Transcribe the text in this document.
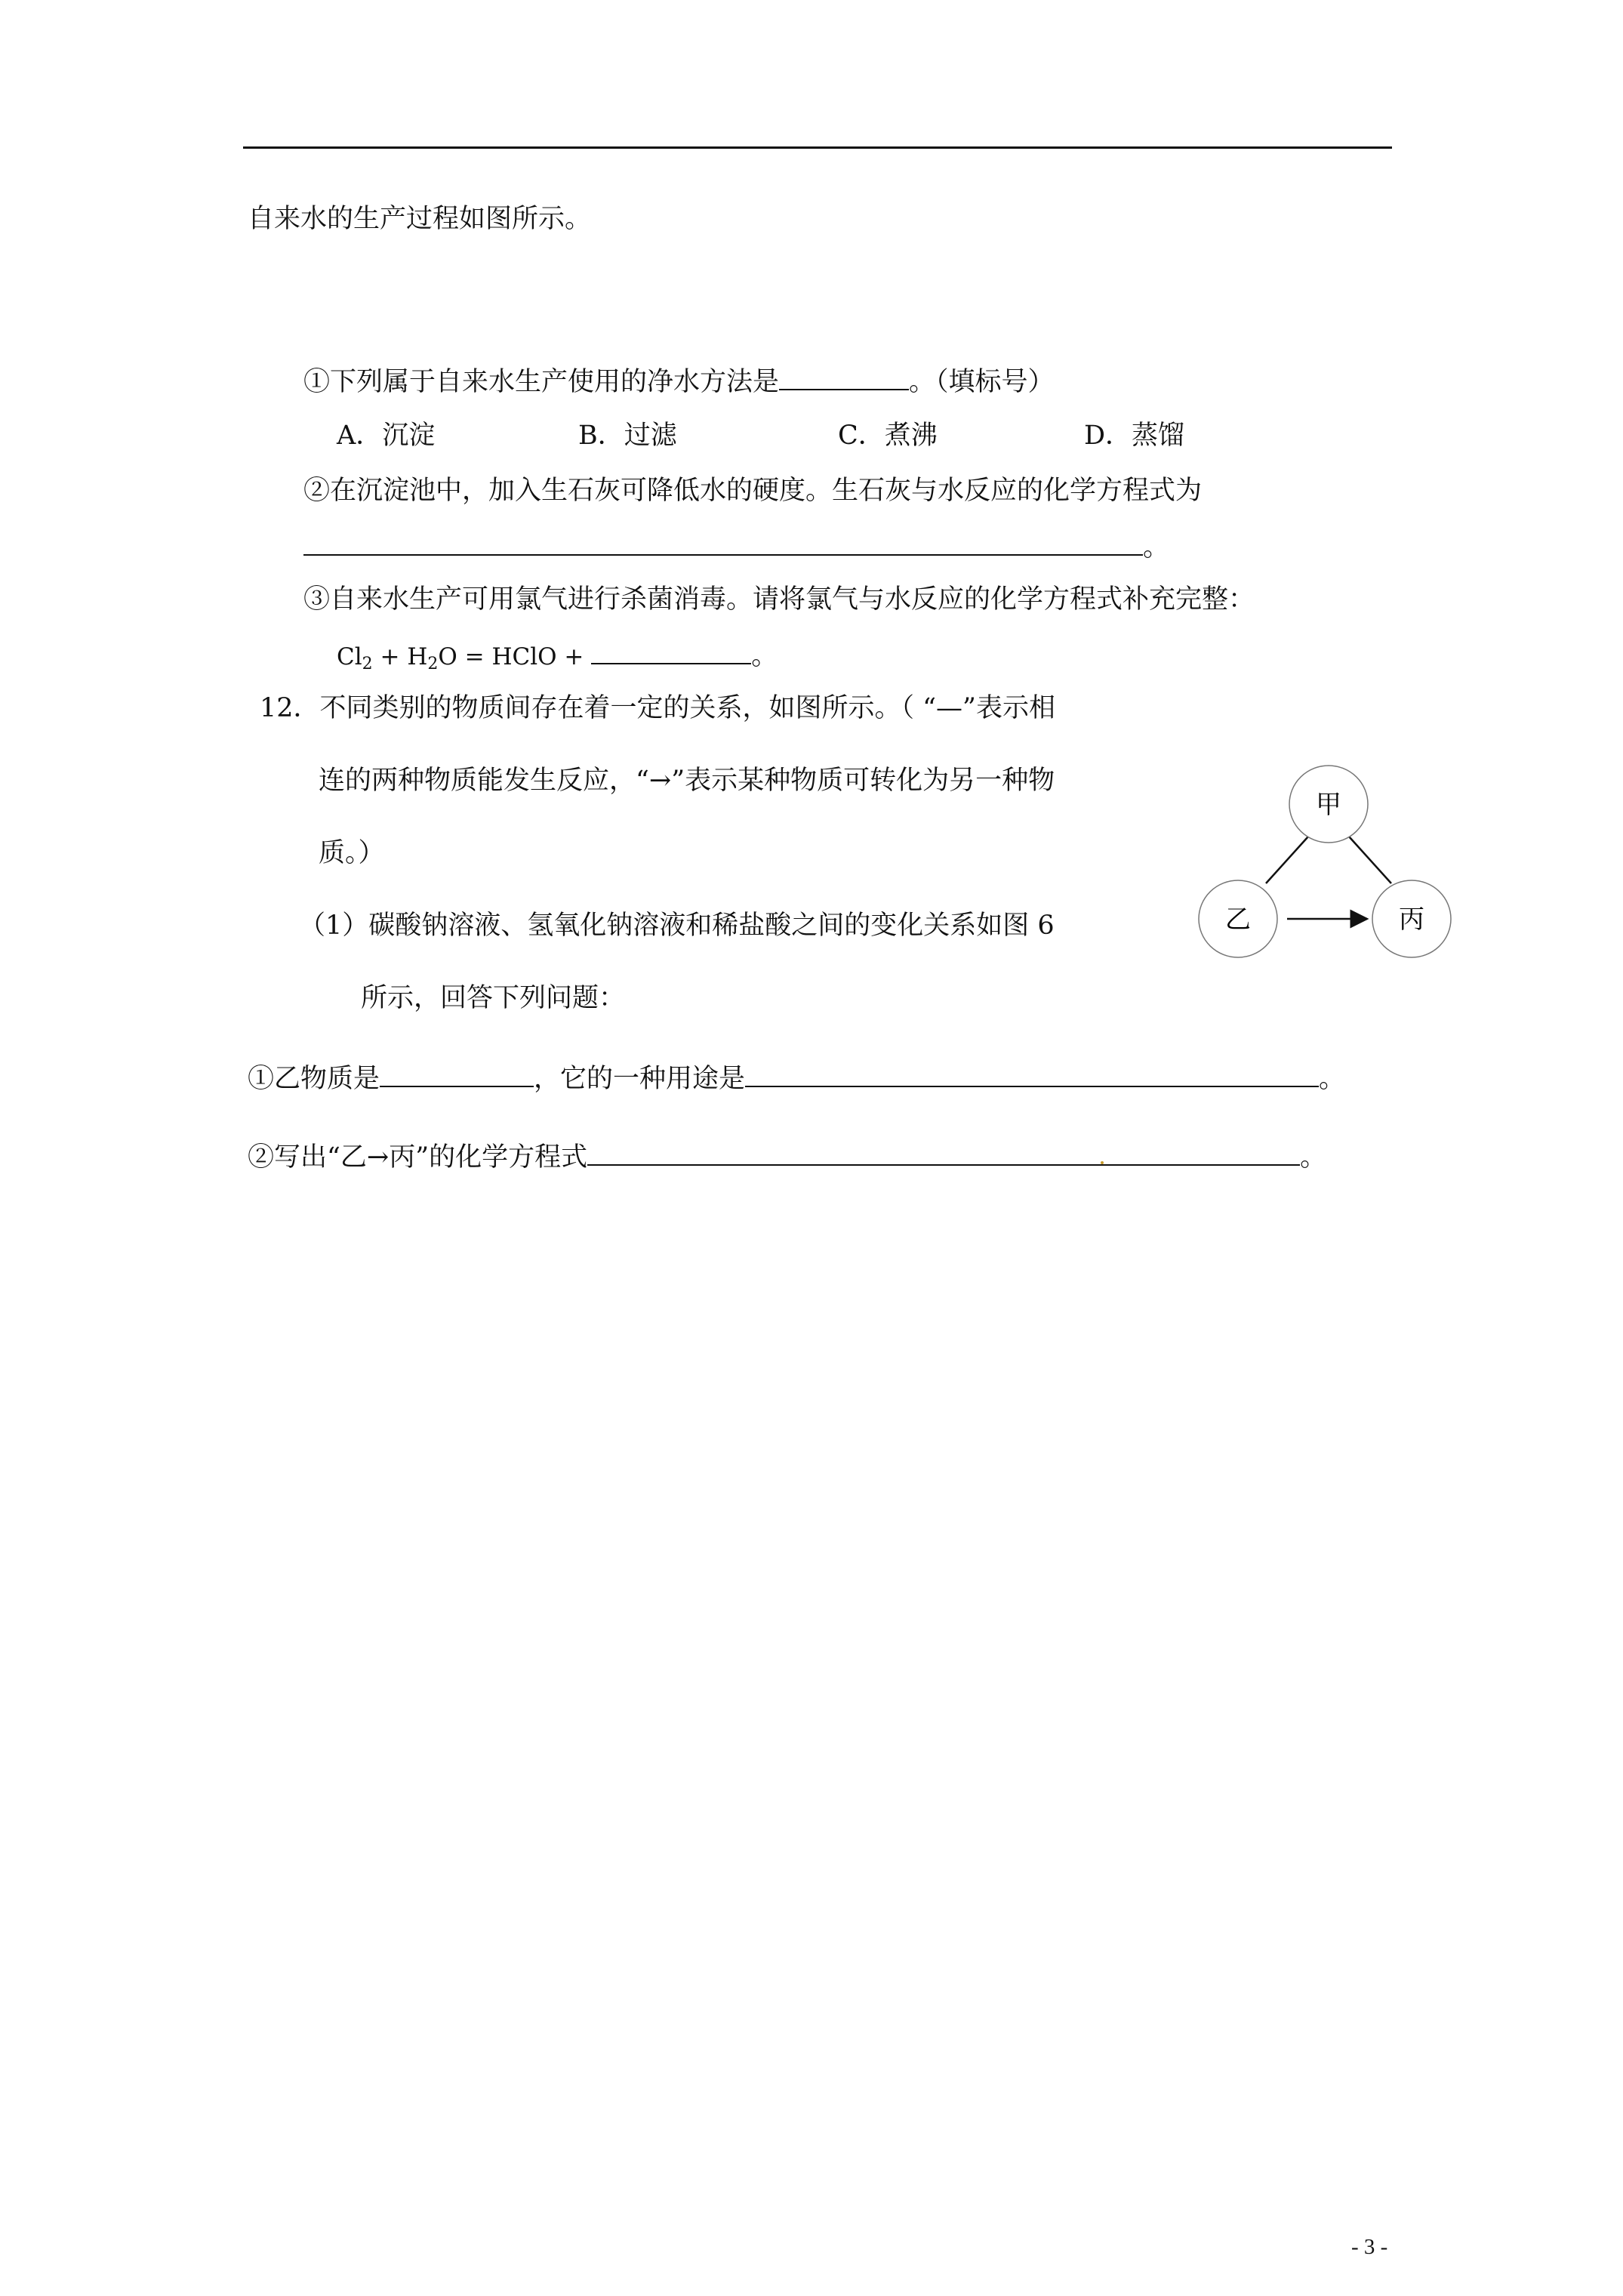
自来水的生产过程如图所示。
①下列属于自来水生产使用的净水方法是	。（填标号）
A．沉淀	B．过滤	C．煮沸	D．蒸馏
②在沉淀池中，加入生石灰可降低水的硬度。生石灰与水反应的化学方程式为
。
③自来水生产可用氯气进行杀菌消毒。请将氯气与水反应的化学方程式补充完整：
$Cl_2 + H_2O$ = HClO +	。
12．不同类别的物质间存在着一定的关系，如图所示。（ “—”表示相
连的两种物质能发生反应，“→”表示某种物质可转化为另一种物
质。）
（1）碳酸钠溶液、氢氧化钠溶液和稀盐酸之间的变化关系如图 6
所示，回答下列问题：
①乙物质是	，它的一种用途是	。
②写出“乙→丙”的化学方程式	。
甲
乙	丙
- 3 -
